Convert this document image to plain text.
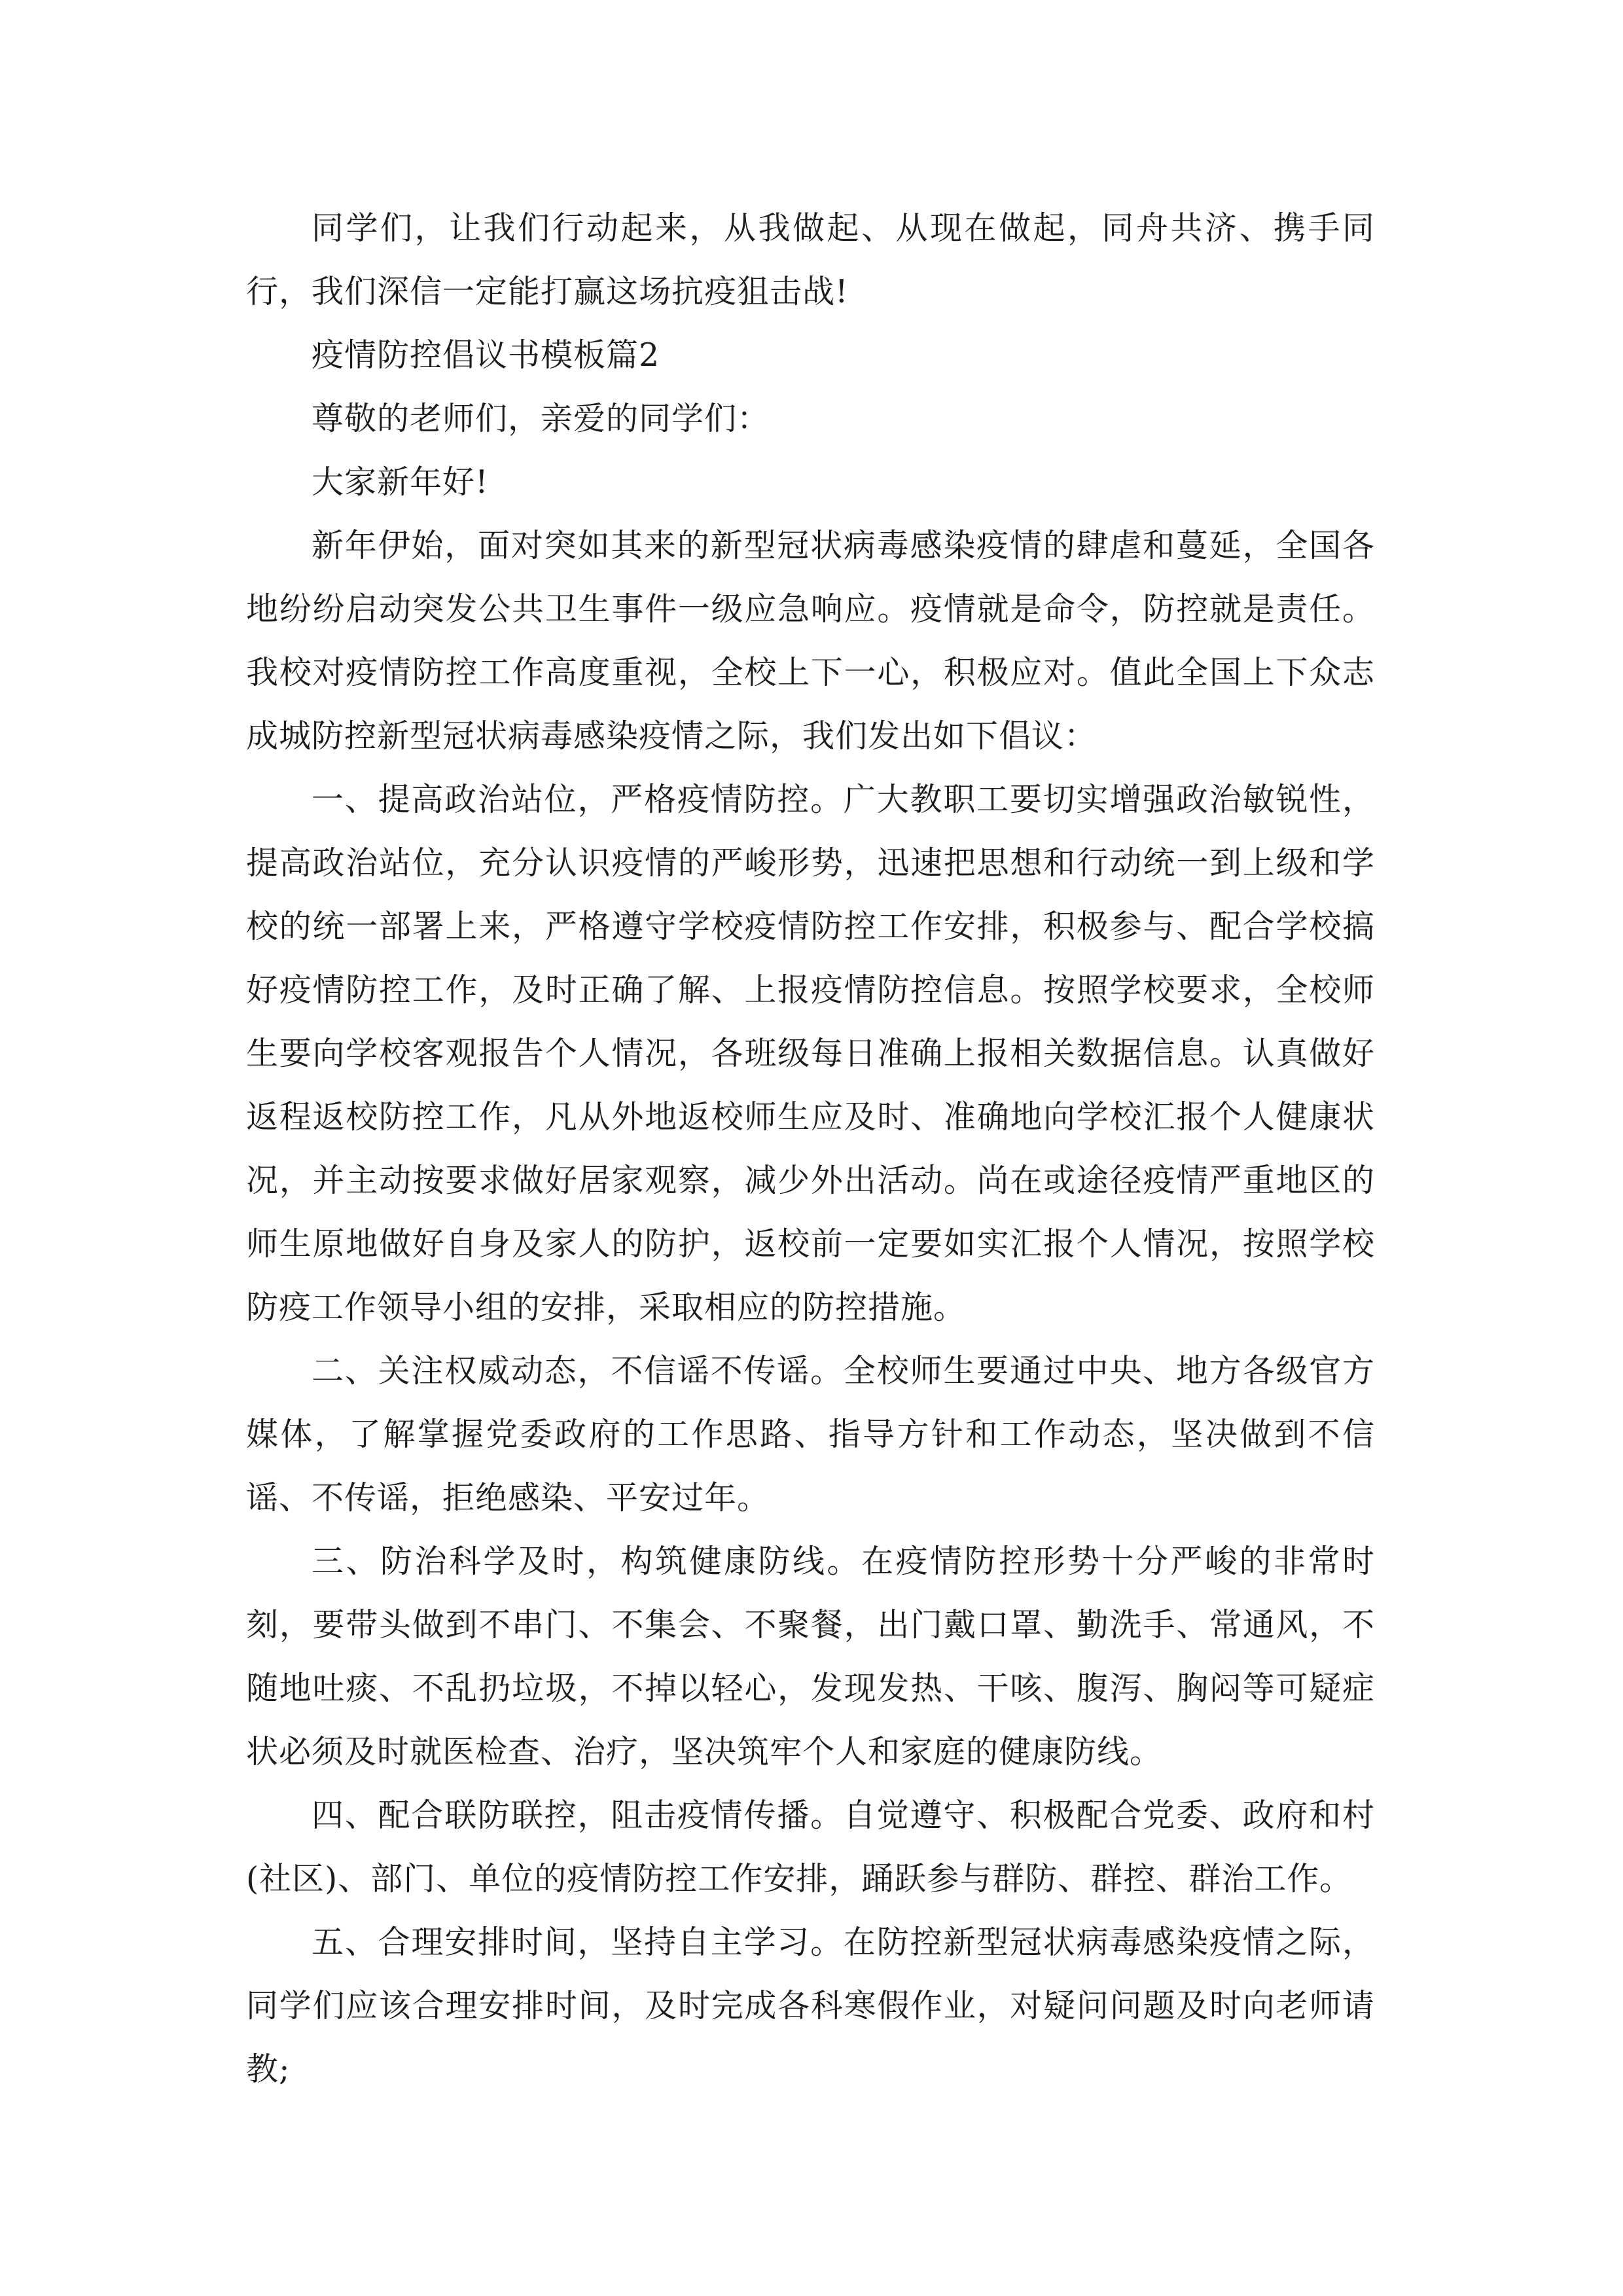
同学们，让我们行动起来，从我做起、从现在做起，同舟共济、携手同行，我们深信一定能打赢这场抗疫狙击战!

疫情防控倡议书模板篇2

尊敬的老师们，亲爱的同学们：

大家新年好!

新年伊始，面对突如其来的新型冠状病毒感染疫情的肆虐和蔓延，全国各地纷纷启动突发公共卫生事件一级应急响应。疫情就是命令，防控就是责任。我校对疫情防控工作高度重视，全校上下一心，积极应对。值此全国上下众志成城防控新型冠状病毒感染疫情之际，我们发出如下倡议：

一、提高政治站位，严格疫情防控。广大教职工要切实增强政治敏锐性，提高政治站位，充分认识疫情的严峻形势，迅速把思想和行动统一到上级和学校的统一部署上来，严格遵守学校疫情防控工作安排，积极参与、配合学校搞好疫情防控工作，及时正确了解、上报疫情防控信息。按照学校要求，全校师生要向学校客观报告个人情况，各班级每日准确上报相关数据信息。认真做好返程返校防控工作，凡从外地返校师生应及时、准确地向学校汇报个人健康状况，并主动按要求做好居家观察，减少外出活动。尚在或途径疫情严重地区的师生原地做好自身及家人的防护，返校前一定要如实汇报个人情况，按照学校防疫工作领导小组的安排，采取相应的防控措施。

二、关注权威动态，不信谣不传谣。全校师生要通过中央、地方各级官方媒体，了解掌握党委政府的工作思路、指导方针和工作动态，坚决做到不信谣、不传谣，拒绝感染、平安过年。

三、防治科学及时，构筑健康防线。在疫情防控形势十分严峻的非常时刻，要带头做到不串门、不集会、不聚餐，出门戴口罩、勤洗手、常通风，不随地吐痰、不乱扔垃圾，不掉以轻心，发现发热、干咳、腹泻、胸闷等可疑症状必须及时就医检查、治疗，坚决筑牢个人和家庭的健康防线。

四、配合联防联控，阻击疫情传播。自觉遵守、积极配合党委、政府和村(社区)、部门、单位的疫情防控工作安排，踊跃参与群防、群控、群治工作。

五、合理安排时间，坚持自主学习。在防控新型冠状病毒感染疫情之际，同学们应该合理安排时间，及时完成各科寒假作业，对疑问问题及时向老师请教;
